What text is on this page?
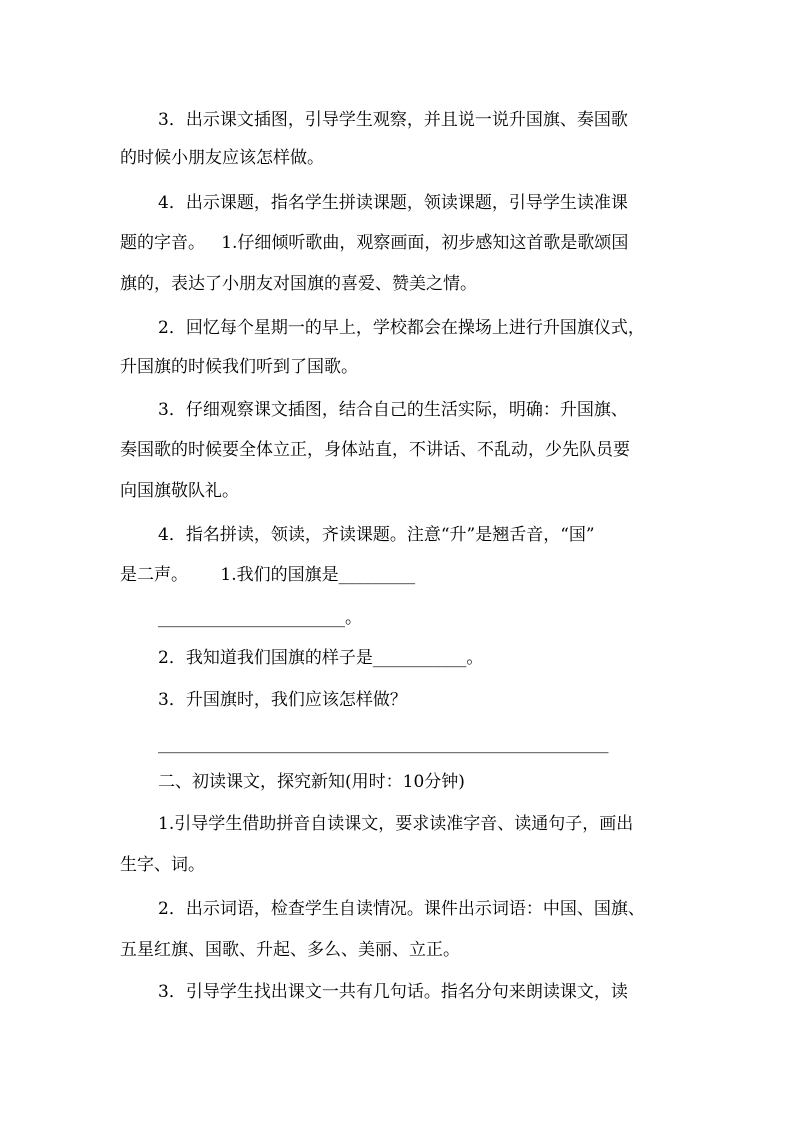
3．出示课文插图，引导学生观察，并且说一说升国旗、奏国歌
的时候小朋友应该怎样做。
4．出示课题，指名学生拼读课题，领读课题，引导学生读准课
题的字音。   1.仔细倾听歌曲，观察画面，初步感知这首歌是歌颂国
旗的，表达了小朋友对国旗的喜爱、赞美之情。
2．回忆每个星期一的早上，学校都会在操场上进行升国旗仪式，
升国旗的时候我们听到了国歌。
3．仔细观察课文插图，结合自己的生活实际，明确：升国旗、
奏国歌的时候要全体立正，身体站直，不讲话、不乱动，少先队员要
向国旗敬队礼。
4．指名拼读，领读，齐读课题。注意“升”是翘舌音，“国”
是二声。      1.我们的国旗是_________
______________________。
2．我知道我们国旗的样子是___________。
3．升国旗时，我们应该怎样做？
_____________________________________________________
二、初读课文，探究新知(用时：10分钟)
1.引导学生借助拼音自读课文，要求读准字音、读通句子，画出
生字、词。
2．出示词语，检查学生自读情况。课件出示词语：中国、国旗、
五星红旗、国歌、升起、多么、美丽、立正。
3．引导学生找出课文一共有几句话。指名分句来朗读课文，读
